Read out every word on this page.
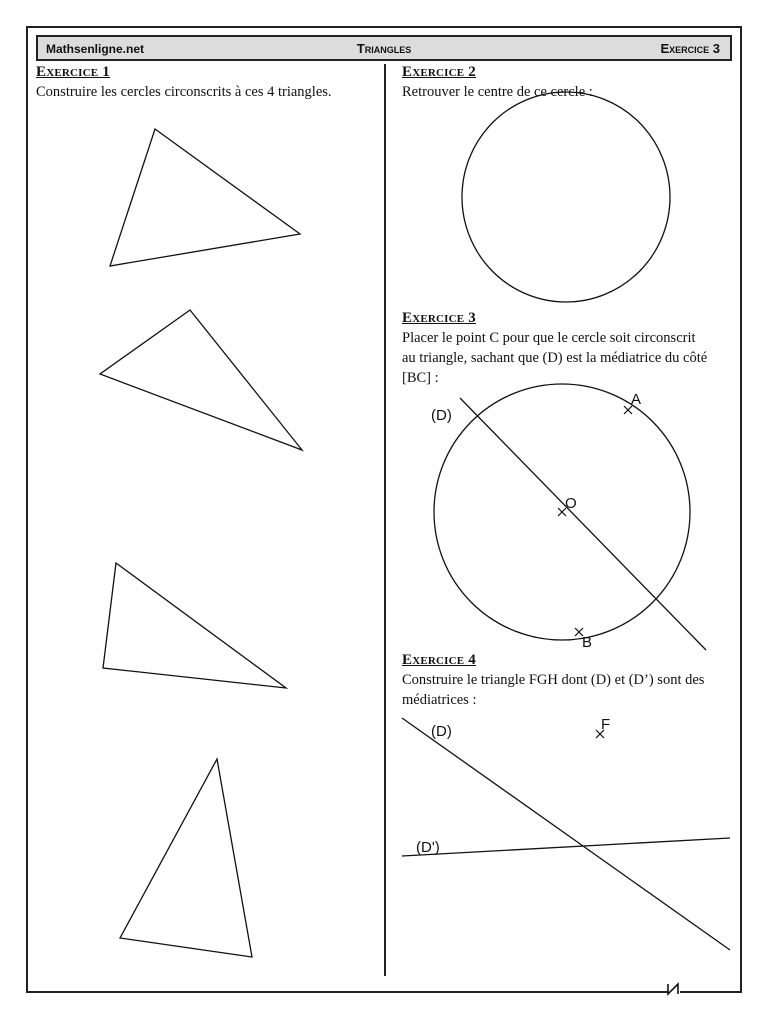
Mathsenligne.net	Triangles	Exercice 3
Exercice 1
Construire les cercles circonscrits à ces 4 triangles.
Exercice 2
Retrouver le centre de ce cercle :
Exercice 3
Placer le point C pour que le cercle soit circonscrit
au triangle, sachant que (D) est la médiatrice du côté
[BC] :
Exercice 4
Construire le triangle FGH dont (D) et (D’) sont des
médiatrices :
(D)
A
O
B
(D)
(D')
F
